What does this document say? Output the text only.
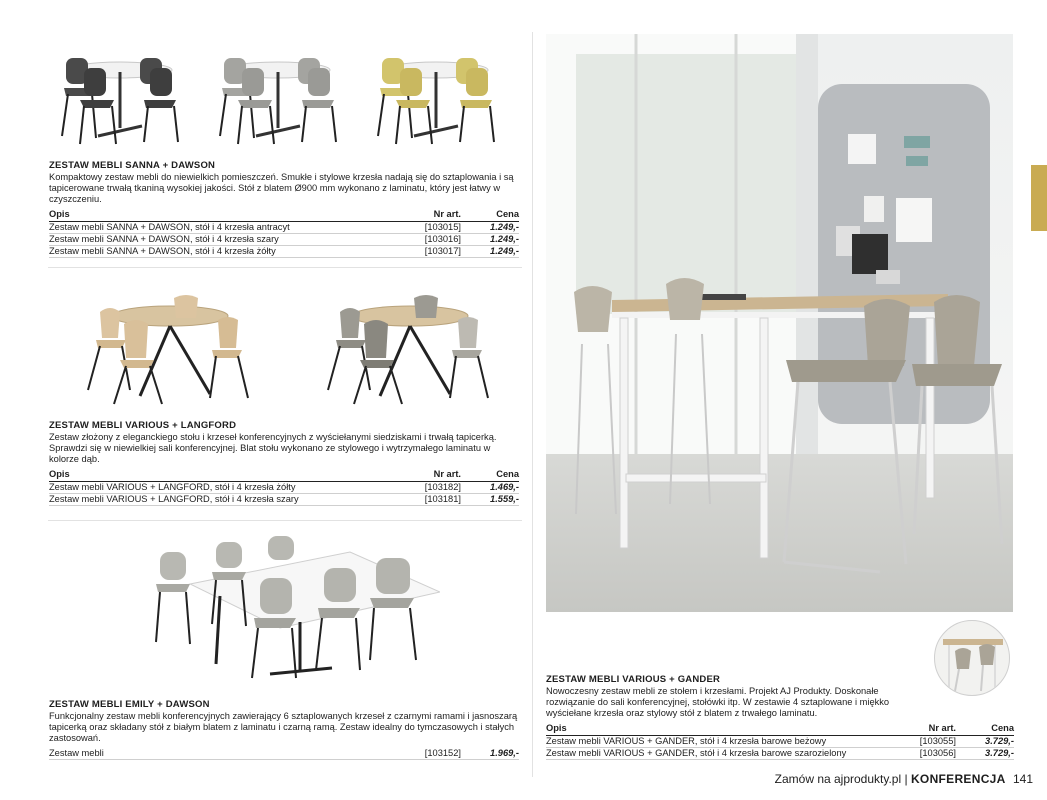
ZESTAW MEBLI SANNA + DAWSON
Kompaktowy zestaw mebli do niewielkich pomieszczeń. Smukłe i stylowe krzesła nadają się do sztaplowania i są tapicerowane trwałą tkaniną wysokiej jakości. Stół z blatem Ø900 mm wykonano z laminatu, który jest łatwy w czyszczeniu.
Opis	Nr art.	Cena
Zestaw mebli SANNA + DAWSON, stół i 4 krzesła antracyt	[103015]	1.249,-
Zestaw mebli SANNA + DAWSON, stół i 4 krzesła szary	[103016]	1.249,-
Zestaw mebli SANNA + DAWSON, stół i 4 krzesła żółty	[103017]	1.249,-
ZESTAW MEBLI VARIOUS + LANGFORD
Zestaw złożony z eleganckiego stołu i krzeseł konferencyjnych z wyściełanymi siedziskami i trwałą tapicerką. Sprawdzi się w niewielkiej sali konferencyjnej. Blat stołu wykonano ze stylowego i wytrzymałego laminatu w kolorze dąb.
Opis	Nr art.	Cena
Zestaw mebli VARIOUS + LANGFORD, stół i 4 krzesła żółty	[103182]	1.469,-
Zestaw mebli VARIOUS + LANGFORD, stół i 4 krzesła szary	[103181]	1.559,-
ZESTAW MEBLI EMILY + DAWSON
Funkcjonalny zestaw mebli konferencyjnych zawierający 6 sztaplowanych krzeseł z czarnymi ramami i jasnoszarą tapicerką oraz składany stół z białym blatem z laminatu i czarną ramą. Zestaw idealny do tymczasowych i stałych zastosowań.
Zestaw mebli	[103152]	1.969,-
ZESTAW MEBLI VARIOUS + GANDER
Nowoczesny zestaw mebli ze stołem i krzesłami. Projekt AJ Produkty. Doskonałe rozwiązanie do sali konferencyjnej, stołówki itp. W zestawie 4 sztaplowane i miękko wyściełane krzesła oraz stylowy stół z blatem z trwałego laminatu.
Opis	Nr art.	Cena
Zestaw mebli VARIOUS + GANDER, stół i 4 krzesła barowe beżowy	[103055]	3.729,-
Zestaw mebli VARIOUS + GANDER, stół i 4 krzesła barowe szarozielony	[103056]	3.729,-
Zamów na ajprodukty.pl | KONFERENCJA 141
